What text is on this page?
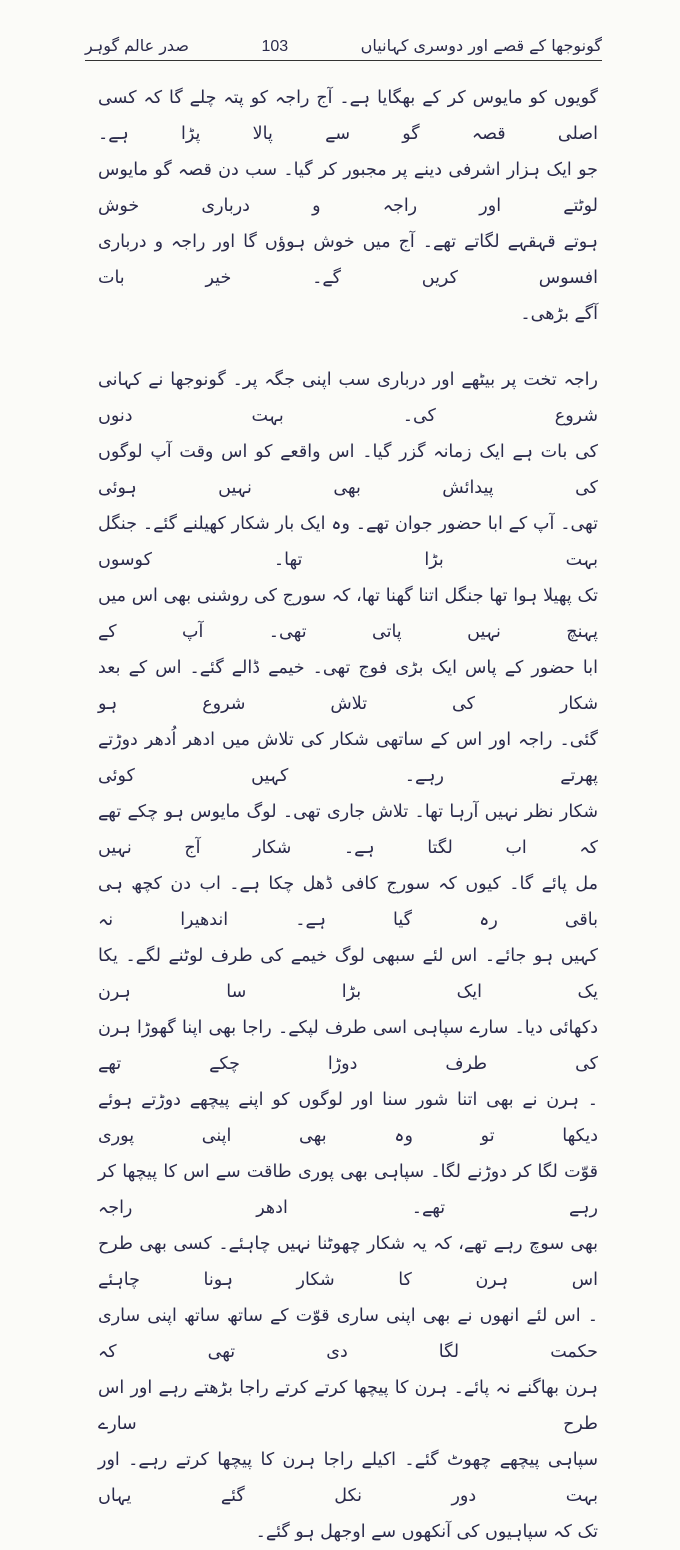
صدر عالم گوہر	103	گونوجھا کے قصے اور دوسری کہانیاں
گویوں کو مایوس کر کے بھگایا ہے۔ آج راجہ کو پتہ چلے گا کہ کسی اصلی قصہ گو سے پالا پڑا ہے۔
جو ایک ہزار اشرفی دینے پر مجبور کر گیا۔ سب دن قصہ گو مایوس لوٹتے اور راجہ و درباری خوش
ہوتے قہقہے لگاتے تھے۔ آج میں خوش ہوؤں گا اور راجہ و درباری افسوس کریں گے۔ خیر بات
آگے بڑھی۔
راجہ تخت پر بیٹھے اور درباری سب اپنی جگہ پر۔ گونوجھا نے کہانی شروع کی۔ بہت دنوں
کی بات ہے ایک زمانہ گزر گیا۔ اس واقعے کو اس وقت آپ لوگوں کی پیدائش بھی نہیں ہوئی
تھی۔ آپ کے ابا حضور جوان تھے۔ وہ ایک بار شکار کھیلنے گئے۔ جنگل بہت بڑا تھا۔ کوسوں
تک پھیلا ہوا تھا جنگل اتنا گھنا تھا، کہ سورج کی روشنی بھی اس میں پہنچ نہیں پاتی تھی۔ آپ کے
ابا حضور کے پاس ایک بڑی فوج تھی۔ خیمے ڈالے گئے۔ اس کے بعد شکار کی تلاش شروع ہو
گئی۔ راجہ اور اس کے ساتھی شکار کی تلاش میں ادھر اُدھر دوڑتے پھرتے رہے۔ کہیں کوئی
شکار نظر نہیں آرہا تھا۔ تلاش جاری تھی۔ لوگ مایوس ہو چکے تھے کہ اب لگتا ہے۔ شکار آج نہیں
مل پائے گا۔ کیوں کہ سورج کافی ڈھل چکا ہے۔ اب دن کچھ ہی باقی رہ گیا ہے۔ اندھیرا نہ
کہیں ہو جائے۔ اس لئے سبھی لوگ خیمے کی طرف لوٹنے لگے۔ یکا یک ایک بڑا سا ہرن
دکھائی دیا۔ سارے سپاہی اسی طرف لپکے۔ راجا بھی اپنا گھوڑا ہرن کی طرف دوڑا چکے تھے
۔ ہرن نے بھی اتنا شور سنا اور لوگوں کو اپنے پیچھے دوڑتے ہوئے دیکھا تو وہ بھی اپنی پوری
قوّت لگا کر دوڑنے لگا۔ سپاہی بھی پوری طاقت سے اس کا پیچھا کر رہے تھے۔ ادھر راجہ
بھی سوچ رہے تھے، کہ یہ شکار چھوٹنا نہیں چاہئے۔ کسی بھی طرح اس ہرن کا شکار ہونا چاہئے
۔ اس لئے انھوں نے بھی اپنی ساری قوّت کے ساتھ ساتھ اپنی ساری حکمت لگا دی تھی کہ
ہرن بھاگنے نہ پائے۔ ہرن کا پیچھا کرتے کرتے راجا بڑھتے رہے اور اس طرح سارے
سپاہی پیچھے چھوٹ گئے۔ اکیلے راجا ہرن کا پیچھا کرتے رہے۔ اور بہت دور نکل گئے یہاں
تک کہ سپاہیوں کی آنکھوں سے اوجھل ہو گئے۔
